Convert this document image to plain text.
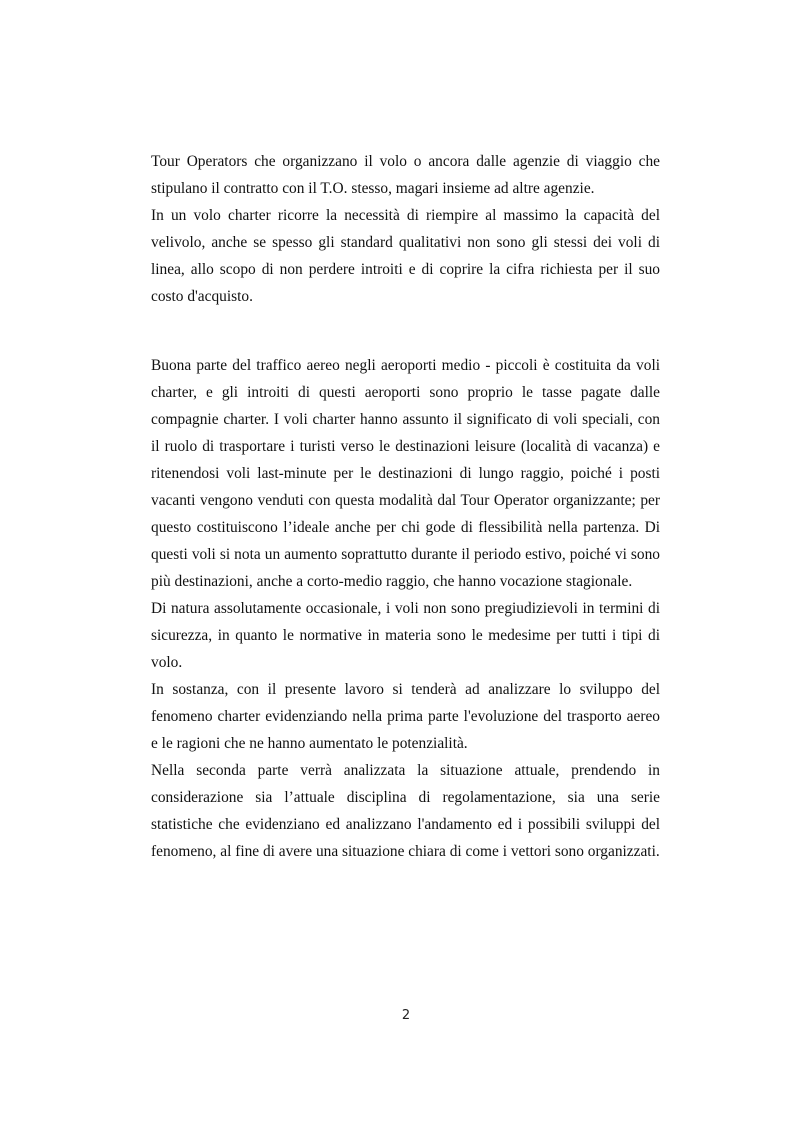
Tour Operators che organizzano il volo o ancora dalle agenzie di viaggio che stipulano il contratto con il T.O. stesso, magari insieme ad altre agenzie.

In un volo charter ricorre la necessità di riempire al massimo la capacità del velivolo, anche se spesso gli standard qualitativi non sono gli stessi dei voli di linea, allo scopo di non perdere introiti e di coprire la cifra richiesta per il suo costo d'acquisto.

Buona parte del traffico aereo negli aeroporti medio - piccoli è costituita da voli charter, e gli introiti di questi aeroporti sono proprio le tasse pagate dalle compagnie charter. I voli charter hanno assunto il significato di voli speciali, con il ruolo di trasportare i turisti verso le destinazioni leisure (località di vacanza) e ritenendosi voli last-minute per le destinazioni di lungo raggio, poiché i posti vacanti vengono venduti con questa modalità dal Tour Operator organizzante; per questo costituiscono l’ideale anche per chi gode di flessibilità nella partenza. Di questi voli si nota un aumento soprattutto durante il periodo estivo, poiché vi sono più destinazioni, anche a corto-medio raggio, che hanno vocazione stagionale.

Di natura assolutamente occasionale, i voli non sono pregiudizievoli in termini di sicurezza, in quanto le normative in materia sono le medesime per tutti i tipi di volo.

In sostanza, con il presente lavoro si tenderà ad analizzare lo sviluppo del fenomeno charter evidenziando nella prima parte l'evoluzione del trasporto aereo e le ragioni che ne hanno aumentato le potenzialità.

Nella seconda parte verrà analizzata la situazione attuale, prendendo in considerazione sia l’attuale disciplina di regolamentazione, sia una serie statistiche che evidenziano ed analizzano l'andamento ed i possibili sviluppi del fenomeno, al fine di avere una situazione chiara di come i vettori sono organizzati.

2
